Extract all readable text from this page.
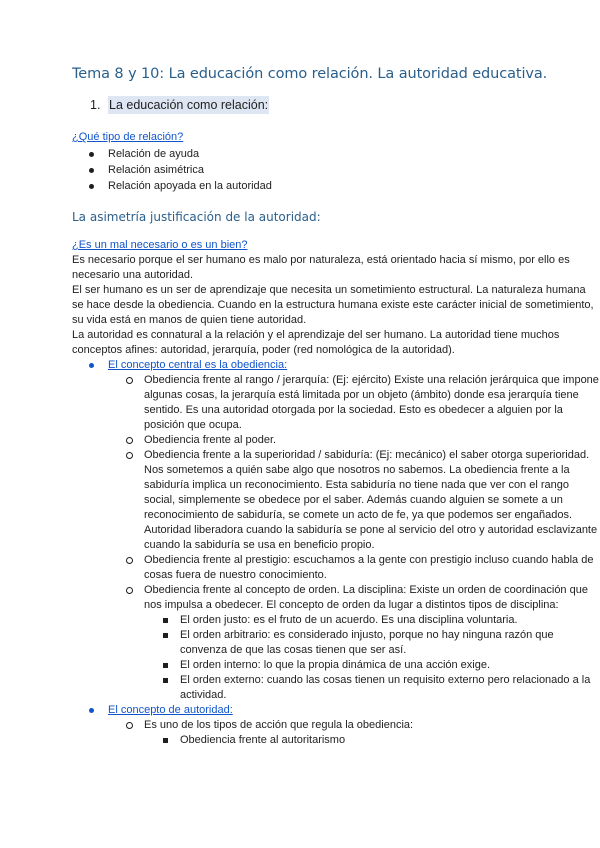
Tema 8 y 10: La educación como relación. La autoridad educativa.
1. La educación como relación:

¿Qué tipo de relación?

Relación de ayuda
Relación asimétrica
Relación apoyada en la autoridad
La asimetría justificación de la autoridad:

¿Es un mal necesario o es un bien?

Es necesario porque el ser humano es malo por naturaleza, está orientado hacia sí mismo, por ello es necesario una autoridad.

El ser humano es un ser de aprendizaje que necesita un sometimiento estructural. La naturaleza humana se hace desde la obediencia. Cuando en la estructura humana existe este carácter inicial de sometimiento, su vida está en manos de quien tiene autoridad.

La autoridad es connatural a la relación y el aprendizaje del ser humano. La autoridad tiene muchos conceptos afines: autoridad, jerarquía, poder (red nomológica de la autoridad).

El concepto central es la obediencia:
Obediencia frente al rango / jerarquía: (Ej: ejército) Existe una relación jerárquica que impone algunas cosas, la jerarquía está limitada por un objeto (ámbito) donde esa jerarquía tiene sentido. Es una autoridad otorgada por la sociedad. Esto es obedecer a alguien por la posición que ocupa.
Obediencia frente al poder.
Obediencia frente a la superioridad / sabiduría: (Ej: mecánico) el saber otorga superioridad. Nos sometemos a quién sabe algo que nosotros no sabemos. La obediencia frente a la sabiduría implica un reconocimiento. Esta sabiduría no tiene nada que ver con el rango social, simplemente se obedece por el saber. Además cuando alguien se somete a un reconocimiento de sabiduría, se comete un acto de fe, ya que podemos ser engañados. Autoridad liberadora cuando la sabiduría se pone al servicio del otro y autoridad esclavizante cuando la sabiduría se usa en beneficio propio.
Obediencia frente al prestigio: escuchamos a la gente con prestigio incluso cuando habla de cosas fuera de nuestro conocimiento.
Obediencia frente al concepto de orden. La disciplina: Existe un orden de coordinación que nos impulsa a obedecer. El concepto de orden da lugar a distintos tipos de disciplina:
El orden justo: es el fruto de un acuerdo. Es una disciplina voluntaria.
El orden arbitrario: es considerado injusto, porque no hay ninguna razón que convenza de que las cosas tienen que ser así.
El orden interno: lo que la propia dinámica de una acción exige.
El orden externo: cuando las cosas tienen un requisito externo pero relacionado a la actividad.
El concepto de autoridad:
Es uno de los tipos de acción que regula la obediencia:
Obediencia frente al autoritarismo
